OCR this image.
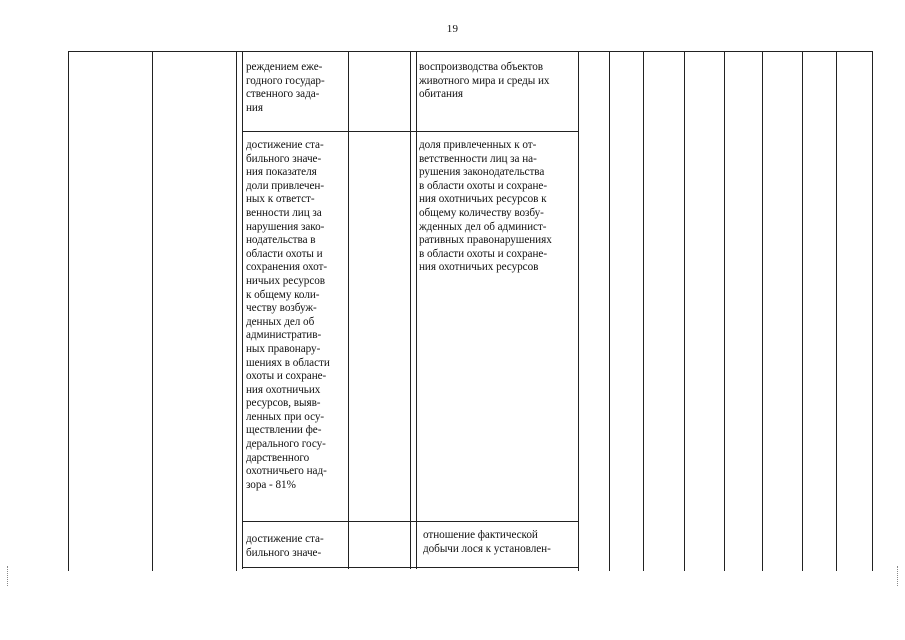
19
реждением еже-
годного государ-
ственного зада-
ния
воспроизводства объектов
животного мира и среды их
обитания
достижение ста-
бильного значе-
ния показателя
доли привлечен-
ных к ответст-
венности лиц за
нарушения зако-
нодательства в
области охоты и
сохранения охот-
ничьих ресурсов
к общему коли-
честву возбуж-
денных дел об
административ-
ных правонару-
шениях в области
охоты и сохране-
ния охотничьих
ресурсов, выяв-
ленных при осу-
ществлении фе-
дерального госу-
дарственного
охотничьего над-
зора - 81%
доля привлеченных к от-
ветственности лиц за на-
рушения законодательства
в области охоты и сохране-
ния охотничьих ресурсов к
общему количеству возбу-
жденных дел об админист-
ративных правонарушениях
в области охоты и сохране-
ния охотничьих ресурсов
достижение ста-
бильного значе-
отношение фактической
добычи лося к установлен-
